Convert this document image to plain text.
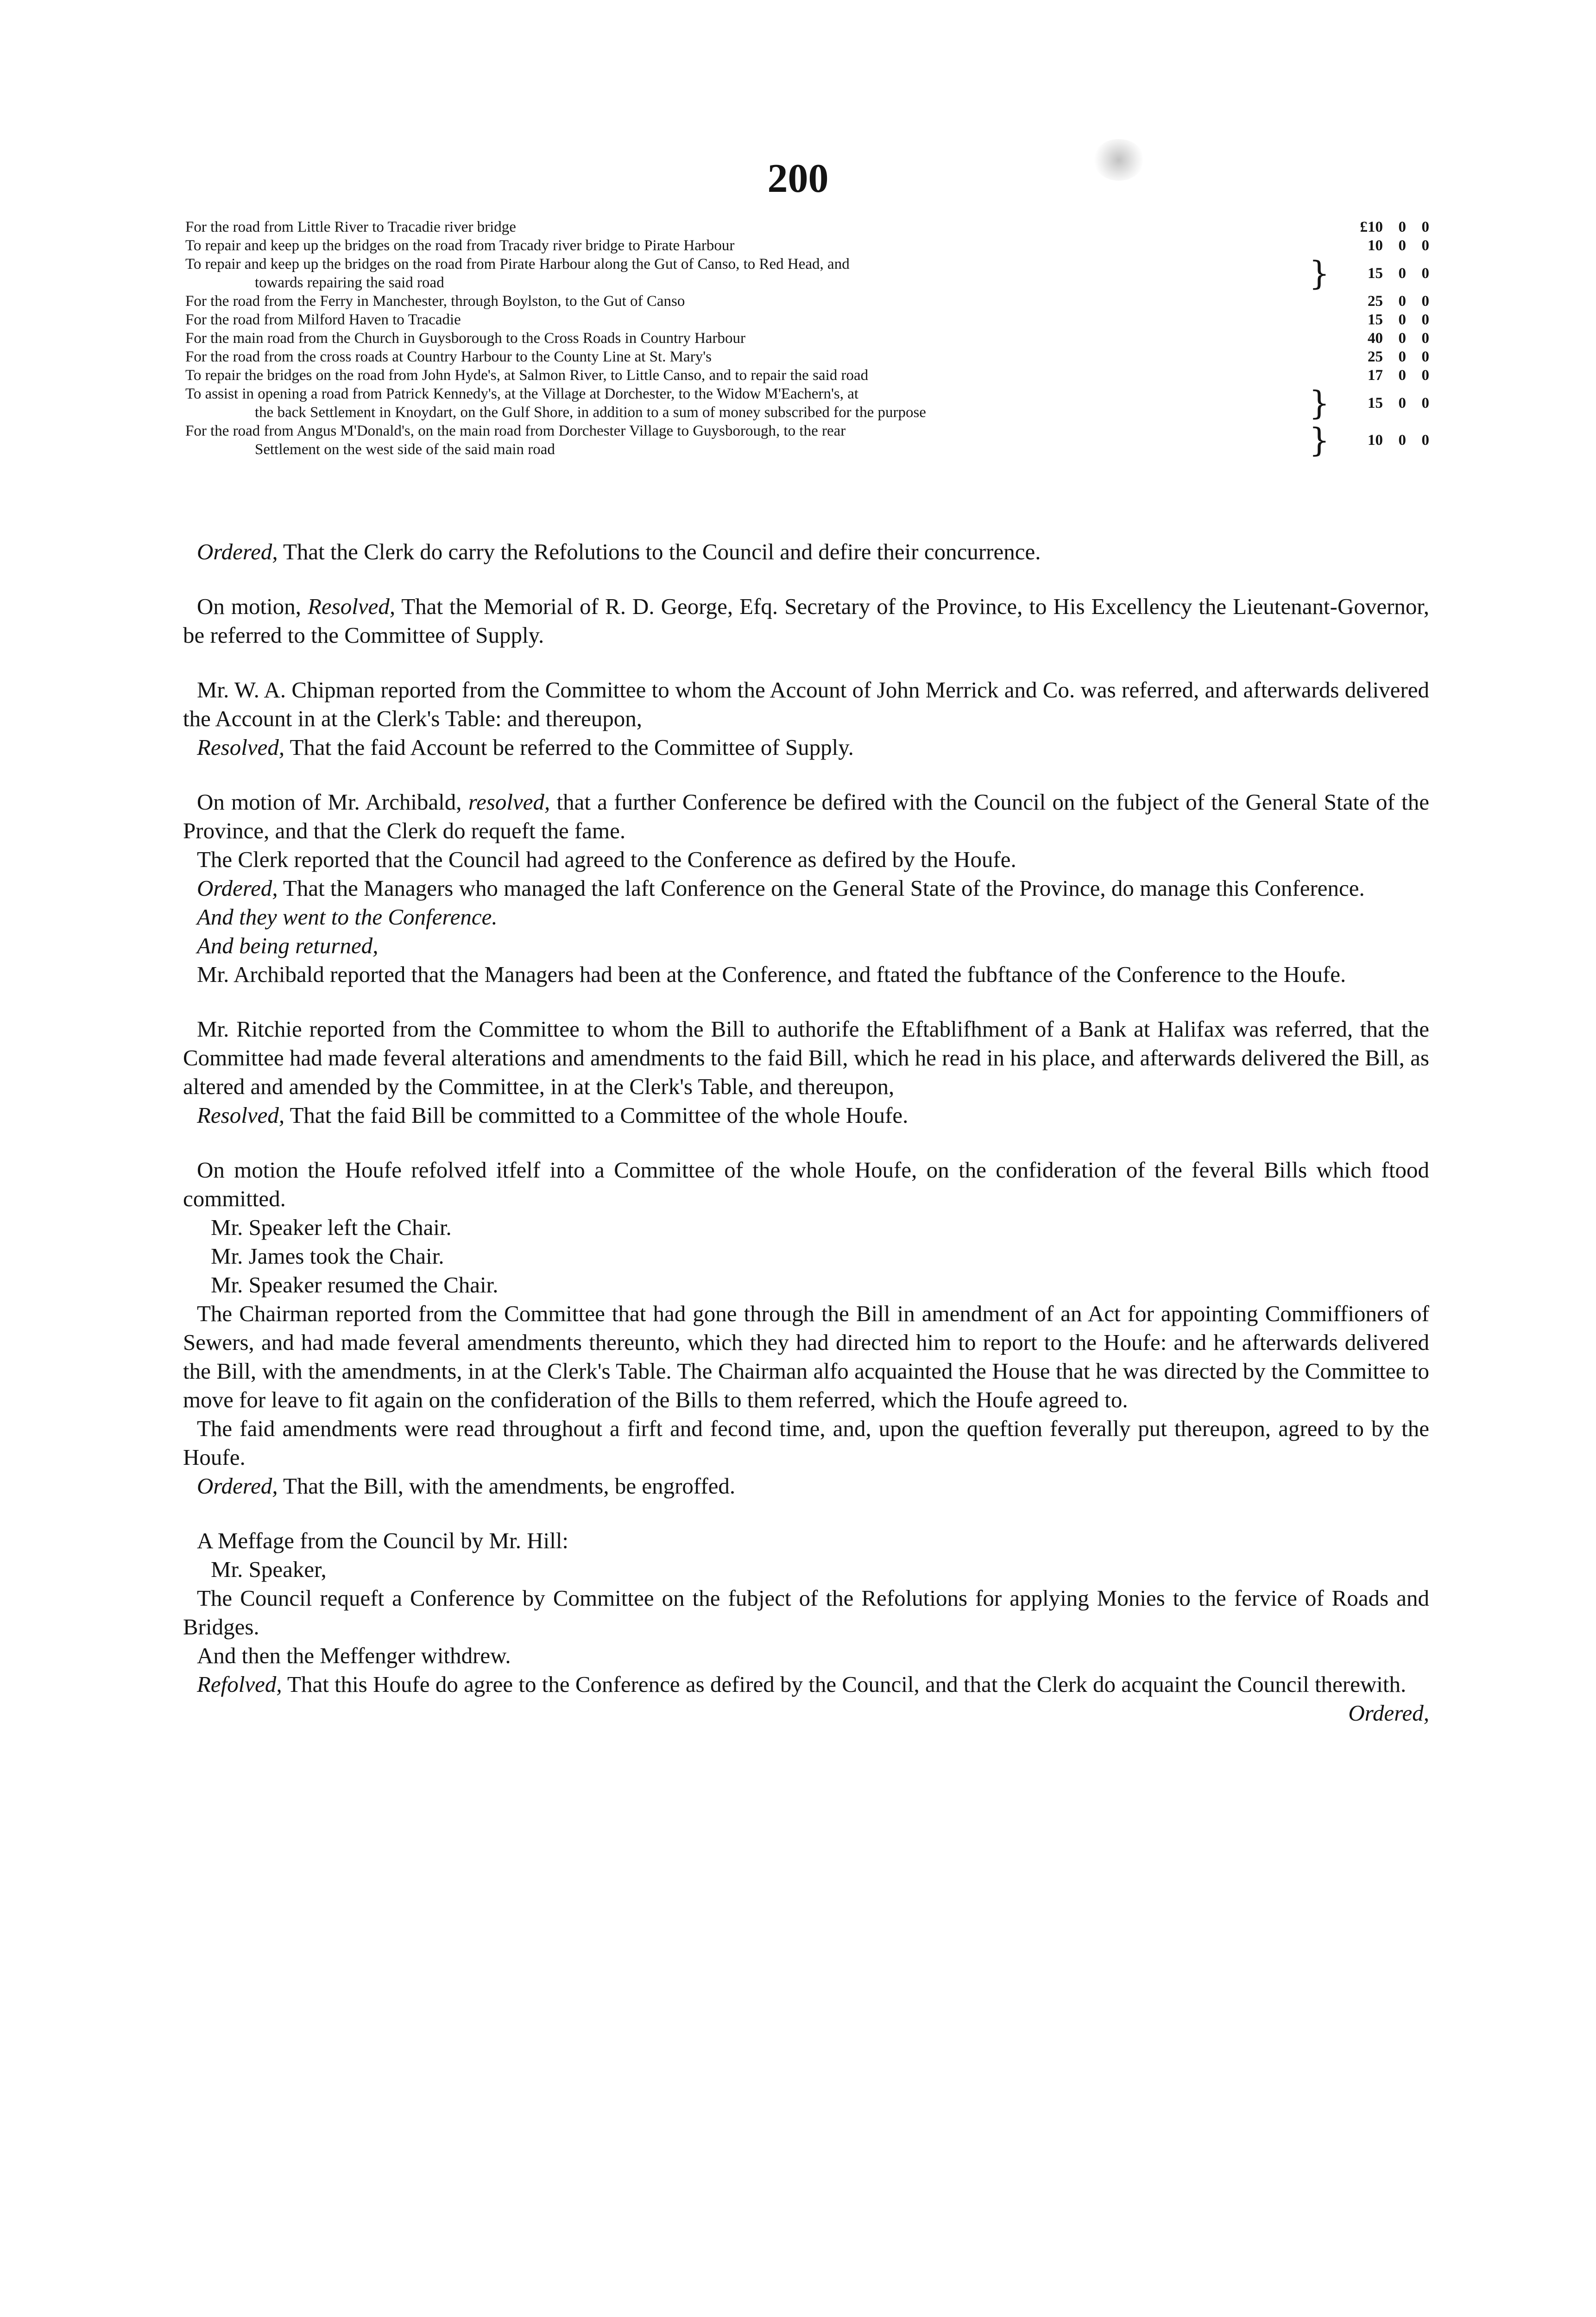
200
For the road from Little River to Tracadie river bridge	£10	0	0
To repair and keep up the bridges on the road from Tracady river bridge to Pirate Harbour	10	0	0
To repair and keep up the bridges on the road from Pirate Harbour along the Gut of Canso, to Red Head, and
towards repairing the said road	}	15	0	0
For the road from the Ferry in Manchester, through Boylston, to the Gut of Canso	25	0	0
For the road from Milford Haven to Tracadie	15	0	0
For the main road from the Church in Guysborough to the Cross Roads in Country Harbour	40	0	0
For the road from the cross roads at Country Harbour to the County Line at St. Mary's	25	0	0
To repair the bridges on the road from John Hyde's, at Salmon River, to Little Canso, and to repair the said road	17	0	0
To assist in opening a road from Patrick Kennedy's, at the Village at Dorchester, to the Widow M'Eachern's, at
the back Settlement in Knoydart, on the Gulf Shore, in addition to a sum of money subscribed for the purpose	}	15	0	0
For the road from Angus M'Donald's, on the main road from Dorchester Village to Guysborough, to the rear
Settlement on the west side of the said main road	}	10	0	0

Ordered, That the Clerk do carry the Refolutions to the Council and defire their concurrence.

On motion, Resolved, That the Memorial of R. D. George, Efq. Secretary of the Province, to His Excellency the Lieutenant-Governor, be referred to the Committee of Supply.

Mr. W. A. Chipman reported from the Committee to whom the Account of John Merrick and Co. was referred, and afterwards delivered the Account in at the Clerk's Table: and thereupon,

Resolved, That the faid Account be referred to the Committee of Supply.

On motion of Mr. Archibald, resolved, that a further Conference be defired with the Council on the fubject of the General State of the Province, and that the Clerk do requeft the fame.

The Clerk reported that the Council had agreed to the Conference as defired by the Houfe.

Ordered, That the Managers who managed the laft Conference on the General State of the Province, do manage this Conference.

And they went to the Conference.

And being returned,

Mr. Archibald reported that the Managers had been at the Conference, and ftated the fubftance of the Conference to the Houfe.

Mr. Ritchie reported from the Committee to whom the Bill to authorife the Eftablifhment of a Bank at Halifax was referred, that the Committee had made feveral alterations and amendments to the faid Bill, which he read in his place, and afterwards delivered the Bill, as altered and amended by the Committee, in at the Clerk's Table, and thereupon,

Resolved, That the faid Bill be committed to a Committee of the whole Houfe.

On motion the Houfe refolved itfelf into a Committee of the whole Houfe, on the confideration of the feveral Bills which ftood committed.

Mr. Speaker left the Chair.

Mr. James took the Chair.

Mr. Speaker resumed the Chair.

The Chairman reported from the Committee that had gone through the Bill in amendment of an Act for appointing Commiffioners of Sewers, and had made feveral amendments thereunto, which they had directed him to report to the Houfe: and he afterwards delivered the Bill, with the amendments, in at the Clerk's Table. The Chairman alfo acquainted the House that he was directed by the Committee to move for leave to fit again on the confideration of the Bills to them referred, which the Houfe agreed to.

The faid amendments were read throughout a firft and fecond time, and, upon the queftion feverally put thereupon, agreed to by the Houfe.

Ordered, That the Bill, with the amendments, be engroffed.

A Meffage from the Council by Mr. Hill:

Mr. Speaker,

The Council requeft a Conference by Committee on the fubject of the Refolutions for applying Monies to the fervice of Roads and Bridges.

And then the Meffenger withdrew.

Refolved, That this Houfe do agree to the Conference as defired by the Council, and that the Clerk do acquaint the Council therewith.

Ordered,
